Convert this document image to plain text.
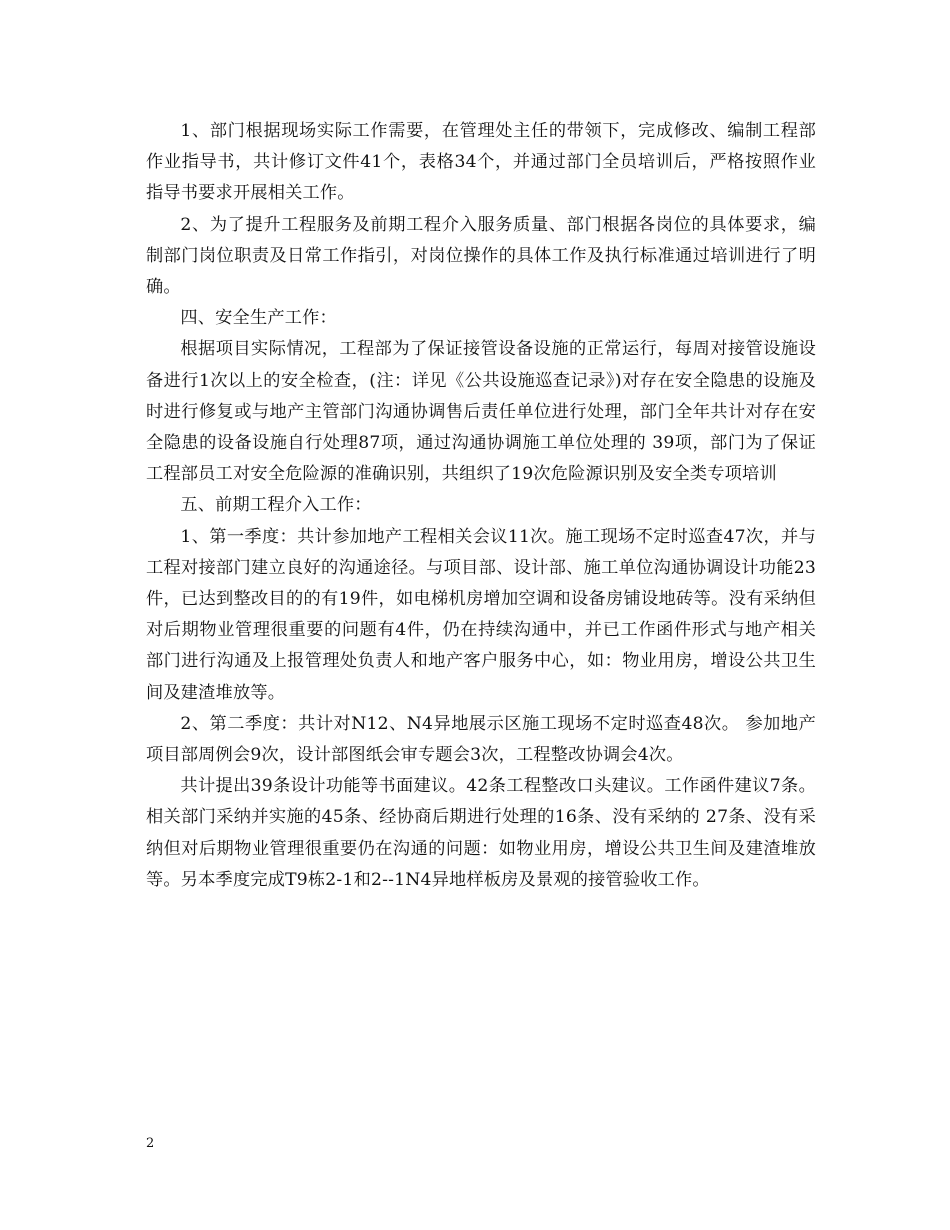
1、部门根据现场实际工作需要，在管理处主任的带领下，完成修改、编制工程部作业指导书，共计修订文件41个，表格34个，并通过部门全员培训后，严格按照作业指导书要求开展相关工作。

2、为了提升工程服务及前期工程介入服务质量、部门根据各岗位的具体要求，编制部门岗位职责及日常工作指引，对岗位操作的具体工作及执行标准通过培训进行了明确。

四、安全生产工作：

根据项目实际情况，工程部为了保证接管设备设施的正常运行，每周对接管设施设备进行1次以上的安全检查，(注：详见《公共设施巡查记录》)对存在安全隐患的设施及时进行修复或与地产主管部门沟通协调售后责任单位进行处理，部门全年共计对存在安全隐患的设备设施自行处理87项，通过沟通协调施工单位处理的 39项，部门为了保证工程部员工对安全危险源的准确识别，共组织了19次危险源识别及安全类专项培训

五、前期工程介入工作：

1、第一季度：共计参加地产工程相关会议11次。施工现场不定时巡查47次，并与工程对接部门建立良好的沟通途径。与项目部、设计部、施工单位沟通协调设计功能23件，已达到整改目的的有19件，如电梯机房增加空调和设备房铺设地砖等。没有采纳但对后期物业管理很重要的问题有4件，仍在持续沟通中，并已工作函件形式与地产相关部门进行沟通及上报管理处负责人和地产客户服务中心，如：物业用房，增设公共卫生间及建渣堆放等。

2、第二季度：共计对N12、N4异地展示区施工现场不定时巡查48次。 参加地产项目部周例会9次，设计部图纸会审专题会3次，工程整改协调会4次。

共计提出39条设计功能等书面建议。42条工程整改口头建议。工作函件建议7条。相关部门采纳并实施的45条、经协商后期进行处理的16条、没有采纳的 27条、没有采纳但对后期物业管理很重要仍在沟通的问题：如物业用房，增设公共卫生间及建渣堆放等。另本季度完成T9栋2-1和2--1N4异地样板房及景观的接管验收工作。

2
